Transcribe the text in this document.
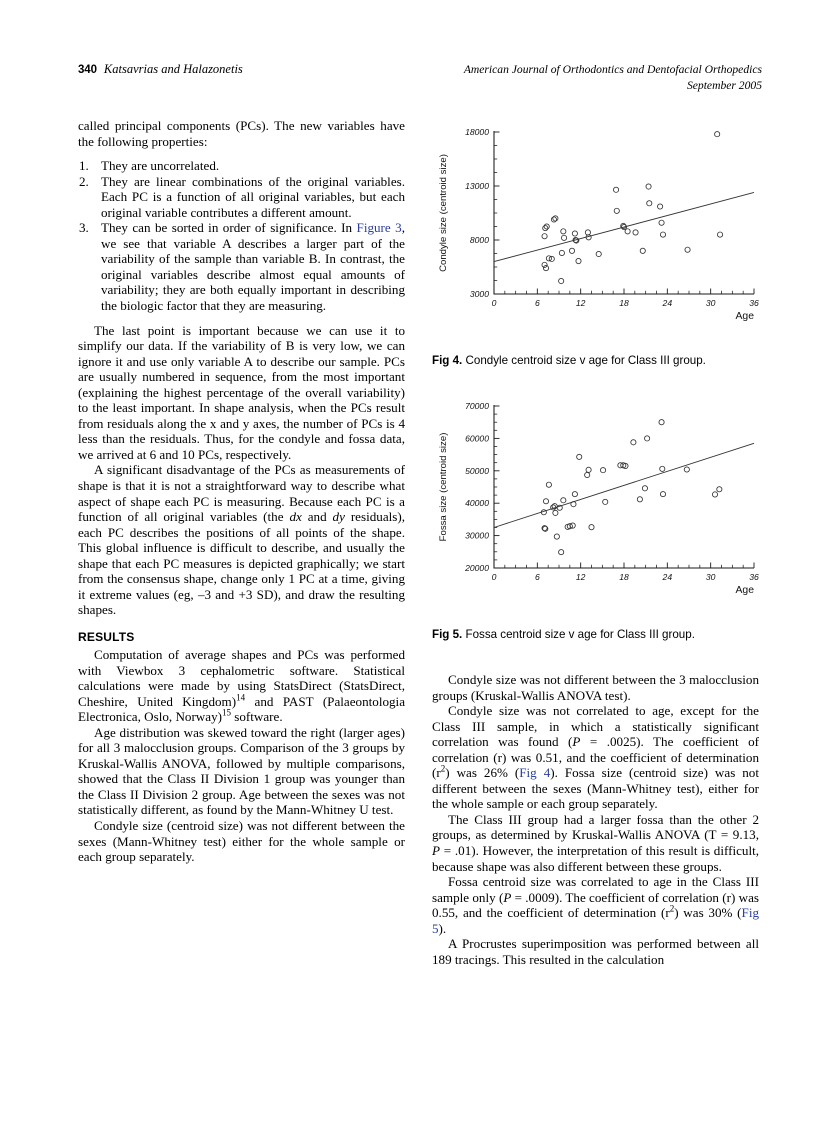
340 Katsavrias and Halazonetis	American Journal of Orthodontics and Dentofacial Orthopedics
September 2005

called principal components (PCs). The new variables have the following properties:

They are uncorrelated.
They are linear combinations of the original variables. Each PC is a function of all original variables, but each original variable contributes a different amount.
They can be sorted in order of significance. In Figure 3, we see that variable A describes a larger part of the variability of the sample than variable B. In contrast, the original variables describe almost equal amounts of variability; they are both equally important in describing the biologic factor that they are measuring.

The last point is important because we can use it to simplify our data. If the variability of B is very low, we can ignore it and use only variable A to describe our sample. PCs are usually numbered in sequence, from the most important (explaining the highest percentage of the overall variability) to the least important. In shape analysis, when the PCs result from residuals along the x and y axes, the number of PCs is 4 less than the residuals. Thus, for the condyle and fossa data, we arrived at 6 and 10 PCs, respectively.

A significant disadvantage of the PCs as measurements of shape is that it is not a straightforward way to describe what aspect of shape each PC is measuring. Because each PC is a function of all original variables (the dx and dy residuals), each PC describes the positions of all points of the shape. This global influence is difficult to describe, and usually the shape that each PC measures is depicted graphically; we start from the consensus shape, change only 1 PC at a time, giving it extreme values (eg, –3 and +3 SD), and draw the resulting shapes.

RESULTS

Computation of average shapes and PCs was performed with Viewbox 3 cephalometric software. Statistical calculations were made by using StatsDirect (StatsDirect, Cheshire, United Kingdom)$^{14}$ and PAST (Palaeontologia Electronica, Oslo, Norway)$^{15}$ software.

Age distribution was skewed toward the right (larger ages) for all 3 malocclusion groups. Comparison of the 3 groups by Kruskal-Wallis ANOVA, followed by multiple comparisons, showed that the Class II Division 1 group was younger than the Class II Division 2 group. Age between the sexes was not statistically different, as found by the Mann-Whitney U test.

Condyle size (centroid size) was not different between the sexes (Mann-Whitney test) either for the whole sample or each group separately.

0	6	12	18	24	30	36
3000
8000
13000
18000
Condyle size (centroid size)
Age
Fig 4. Condyle centroid size v age for Class III group.
0	6	12	18	24	30	36
20000
30000
40000
50000
60000
70000
Fossa size (centroid size)
Age
Fig 5. Fossa centroid size v age for Class III group.

Condyle size was not different between the 3 malocclusion groups (Kruskal-Wallis ANOVA test).

Condyle size was not correlated to age, except for the Class III sample, in which a statistically significant correlation was found (P = .0025). The coefficient of correlation (r) was 0.51, and the coefficient of determination (r$^2$) was 26% (Fig 4). Fossa size (centroid size) was not different between the sexes (Mann-Whitney test), either for the whole sample or each group separately.

The Class III group had a larger fossa than the other 2 groups, as determined by Kruskal-Wallis ANOVA (T = 9.13, P = .01). However, the interpretation of this result is difficult, because shape was also different between these groups.

Fossa centroid size was correlated to age in the Class III sample only (P = .0009). The coefficient of correlation (r) was 0.55, and the coefficient of determination (r$^2$) was 30% (Fig 5).

A Procrustes superimposition was performed between all 189 tracings. This resulted in the calculation
